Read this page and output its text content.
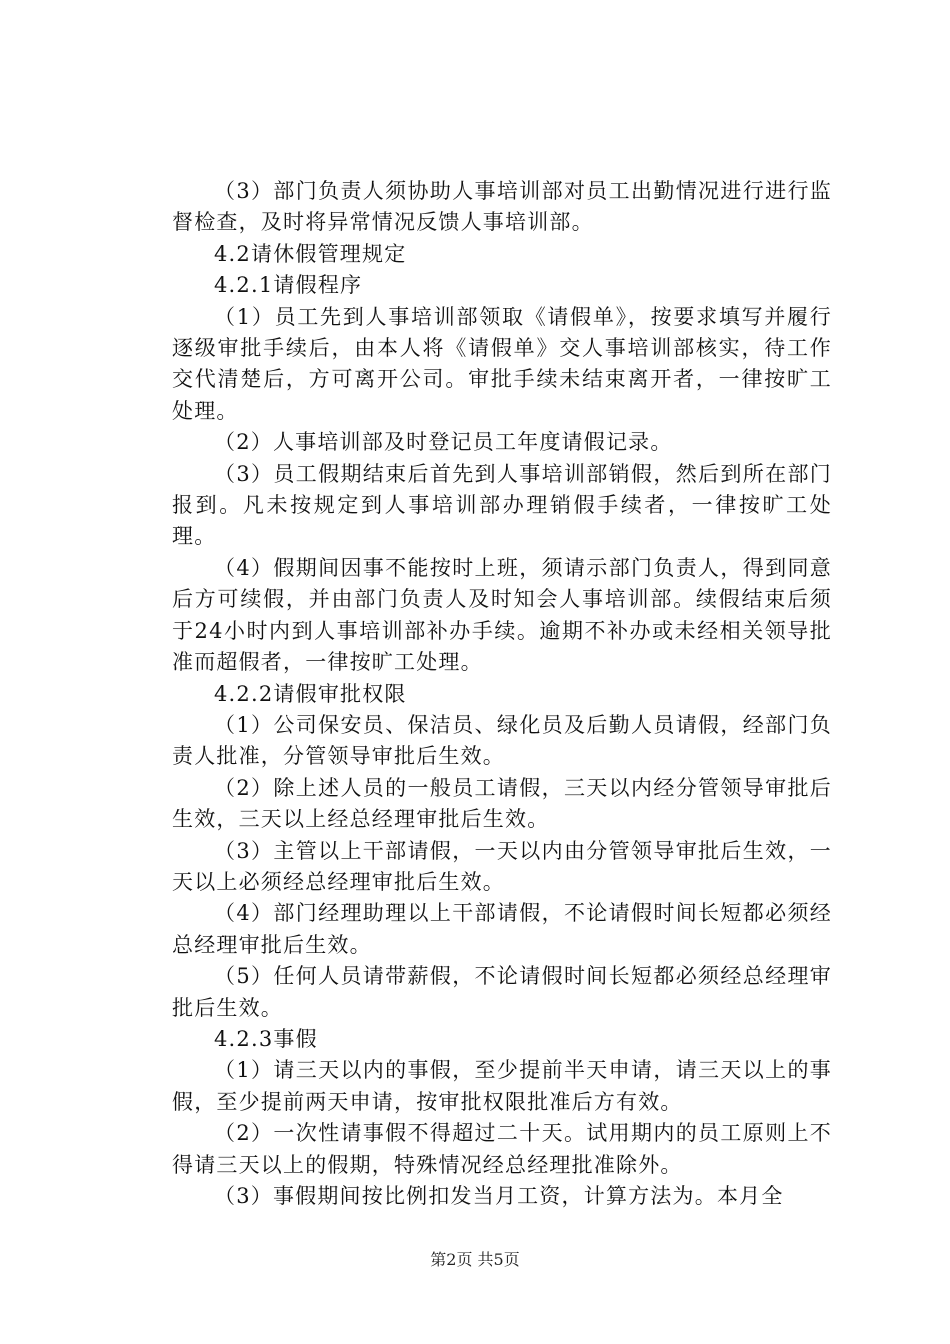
（3）部门负责人须协助人事培训部对员工出勤情况进行进行监督检查，及时将异常情况反馈人事培训部。

4.2请休假管理规定

4.2.1请假程序

（1）员工先到人事培训部领取《请假单》，按要求填写并履行逐级审批手续后，由本人将《请假单》交人事培训部核实，待工作交代清楚后，方可离开公司。审批手续未结束离开者，一律按旷工处理。

（2）人事培训部及时登记员工年度请假记录。

（3）员工假期结束后首先到人事培训部销假，然后到所在部门报到。凡未按规定到人事培训部办理销假手续者，一律按旷工处理。

（4）假期间因事不能按时上班，须请示部门负责人，得到同意后方可续假，并由部门负责人及时知会人事培训部。续假结束后须于24小时内到人事培训部补办手续。逾期不补办或未经相关领导批准而超假者，一律按旷工处理。

4.2.2请假审批权限

（1）公司保安员、保洁员、绿化员及后勤人员请假，经部门负责人批准，分管领导审批后生效。

（2）除上述人员的一般员工请假，三天以内经分管领导审批后生效，三天以上经总经理审批后生效。

（3）主管以上干部请假，一天以内由分管领导审批后生效，一天以上必须经总经理审批后生效。

（4）部门经理助理以上干部请假，不论请假时间长短都必须经总经理审批后生效。

（5）任何人员请带薪假，不论请假时间长短都必须经总经理审批后生效。

4.2.3事假

（1）请三天以内的事假，至少提前半天申请，请三天以上的事假，至少提前两天申请，按审批权限批准后方有效。

（2）一次性请事假不得超过二十天。试用期内的员工原则上不得请三天以上的假期，特殊情况经总经理批准除外。

（3）事假期间按比例扣发当月工资，计算方法为。本月全

第2页 共5页
